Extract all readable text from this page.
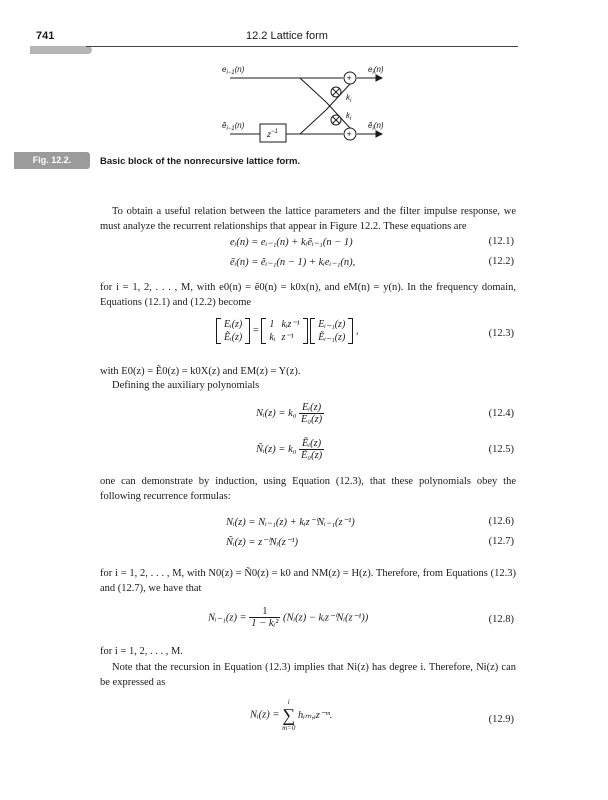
741	12.2 Lattice form
+
+
$e_{i-1}(n)$
ẽ$_{i-1}$(n)
$e_i(n)$
ẽ$_i$(n)
$k_i$
$k_i$
$z^{-1}$
Fig. 12.2.	Basic block of the nonrecursive lattice form.
To obtain a useful relation between the lattice parameters and the filter impulse response, we must analyze the recurrent relationships that appear in Figure 12.2. These equations are
eᵢ(n) = eᵢ₋₁(n) + kᵢẽᵢ₋₁(n − 1)	(12.1)
ẽᵢ(n) = ẽᵢ₋₁(n − 1) + kᵢeᵢ₋₁(n),	(12.2)
for i = 1, 2, . . . , M, with e0(n) = ẽ0(n) = k0x(n), and eM(n) = y(n). In the frequency domain, Equations (12.1) and (12.2) become
Eᵢ(z)
Ẽᵢ(z)
=
1	kᵢz⁻¹
kᵢ	z⁻¹

Eᵢ₋₁(z)
Ẽᵢ₋₁(z)
,	(12.3)
with E0(z) = Ẽ0(z) = k0X(z) and EM(z) = Y(z).
Defining the auxiliary polynomials
Nᵢ(z) = $k_0 \frac{\text{Eᵢ(z)}}{\text{E₀(z)}}$	(12.4)
Ñᵢ(z) = $k_0 \frac{\text{Ẽᵢ(z)}}{\text{Ẽ₀(z)}}$	(12.5)
one can demonstrate by induction, using Equation (12.3), that these polynomials obey the following recurrence formulas:
Nᵢ(z) = Nᵢ₋₁(z) + kᵢz⁻ⁱNᵢ₋₁(z⁻¹)	(12.6)
Ñᵢ(z) = z⁻ⁱNᵢ(z⁻¹)	(12.7)
for i = 1, 2, . . . , M, with N0(z) = Ñ0(z) = k0 and NM(z) = H(z). Therefore, from Equations (12.3) and (12.7), we have that
Nᵢ₋₁(z) = $\frac{1}{\text{1 − kᵢ²}}$ (Nᵢ(z) − kᵢz⁻ⁱNᵢ(z⁻¹))	(12.8)
for i = 1, 2, . . . , M.
Note that the recursion in Equation (12.3) implies that Ni(z) has degree i. Therefore, Ni(z) can be expressed as
Nᵢ(z) =
i
∑
m=0
hᵢₘ,ᵢz⁻ᵐ.	(12.9)
